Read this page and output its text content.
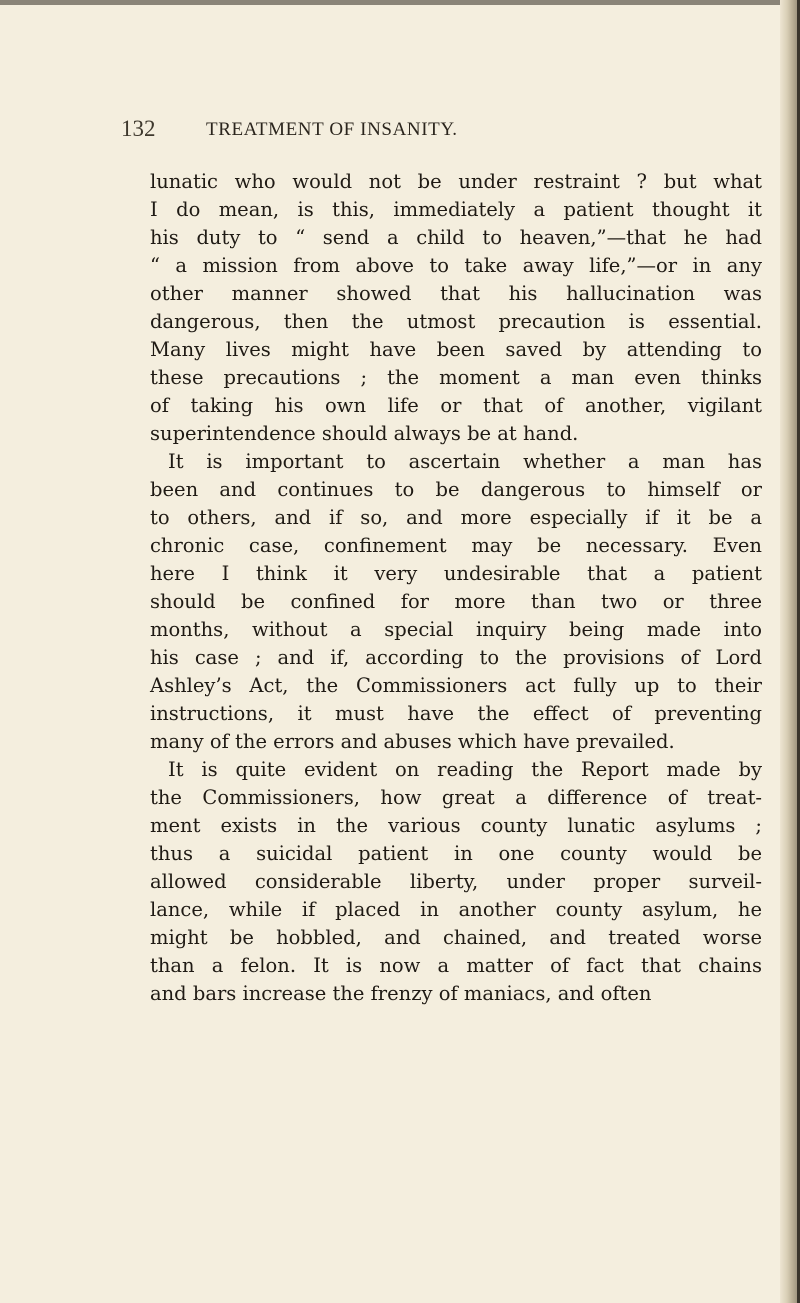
132	TREATMENT OF INSANITY.
lunatic who would not be under restraint ? but what
I do mean, is this, immediately a patient thought it
his duty to “ send a child to heaven,”—that he had
“ a mission from above to take away life,”—or in any
other manner showed that his hallucination was
dangerous, then the utmost precaution is essential.
Many lives might have been saved by attending to
these precautions ; the moment a man even thinks
of taking his own life or that of another, vigilant
superintendence should always be at hand.
It is important to ascertain whether a man has
been and continues to be dangerous to himself or
to others, and if so, and more especially if it be a
chronic case, confinement may be necessary. Even
here I think it very undesirable that a patient
should be confined for more than two or three
months, without a special inquiry being made into
his case ; and if, according to the provisions of Lord
Ashley’s Act, the Commissioners act fully up to their
instructions, it must have the effect of preventing
many of the errors and abuses which have prevailed.
It is quite evident on reading the Report made by
the Commissioners, how great a difference of treat-
ment exists in the various county lunatic asylums ;
thus a suicidal patient in one county would be
allowed considerable liberty, under proper surveil-
lance, while if placed in another county asylum, he
might be hobbled, and chained, and treated worse
than a felon. It is now a matter of fact that chains
and bars increase the frenzy of maniacs, and often
